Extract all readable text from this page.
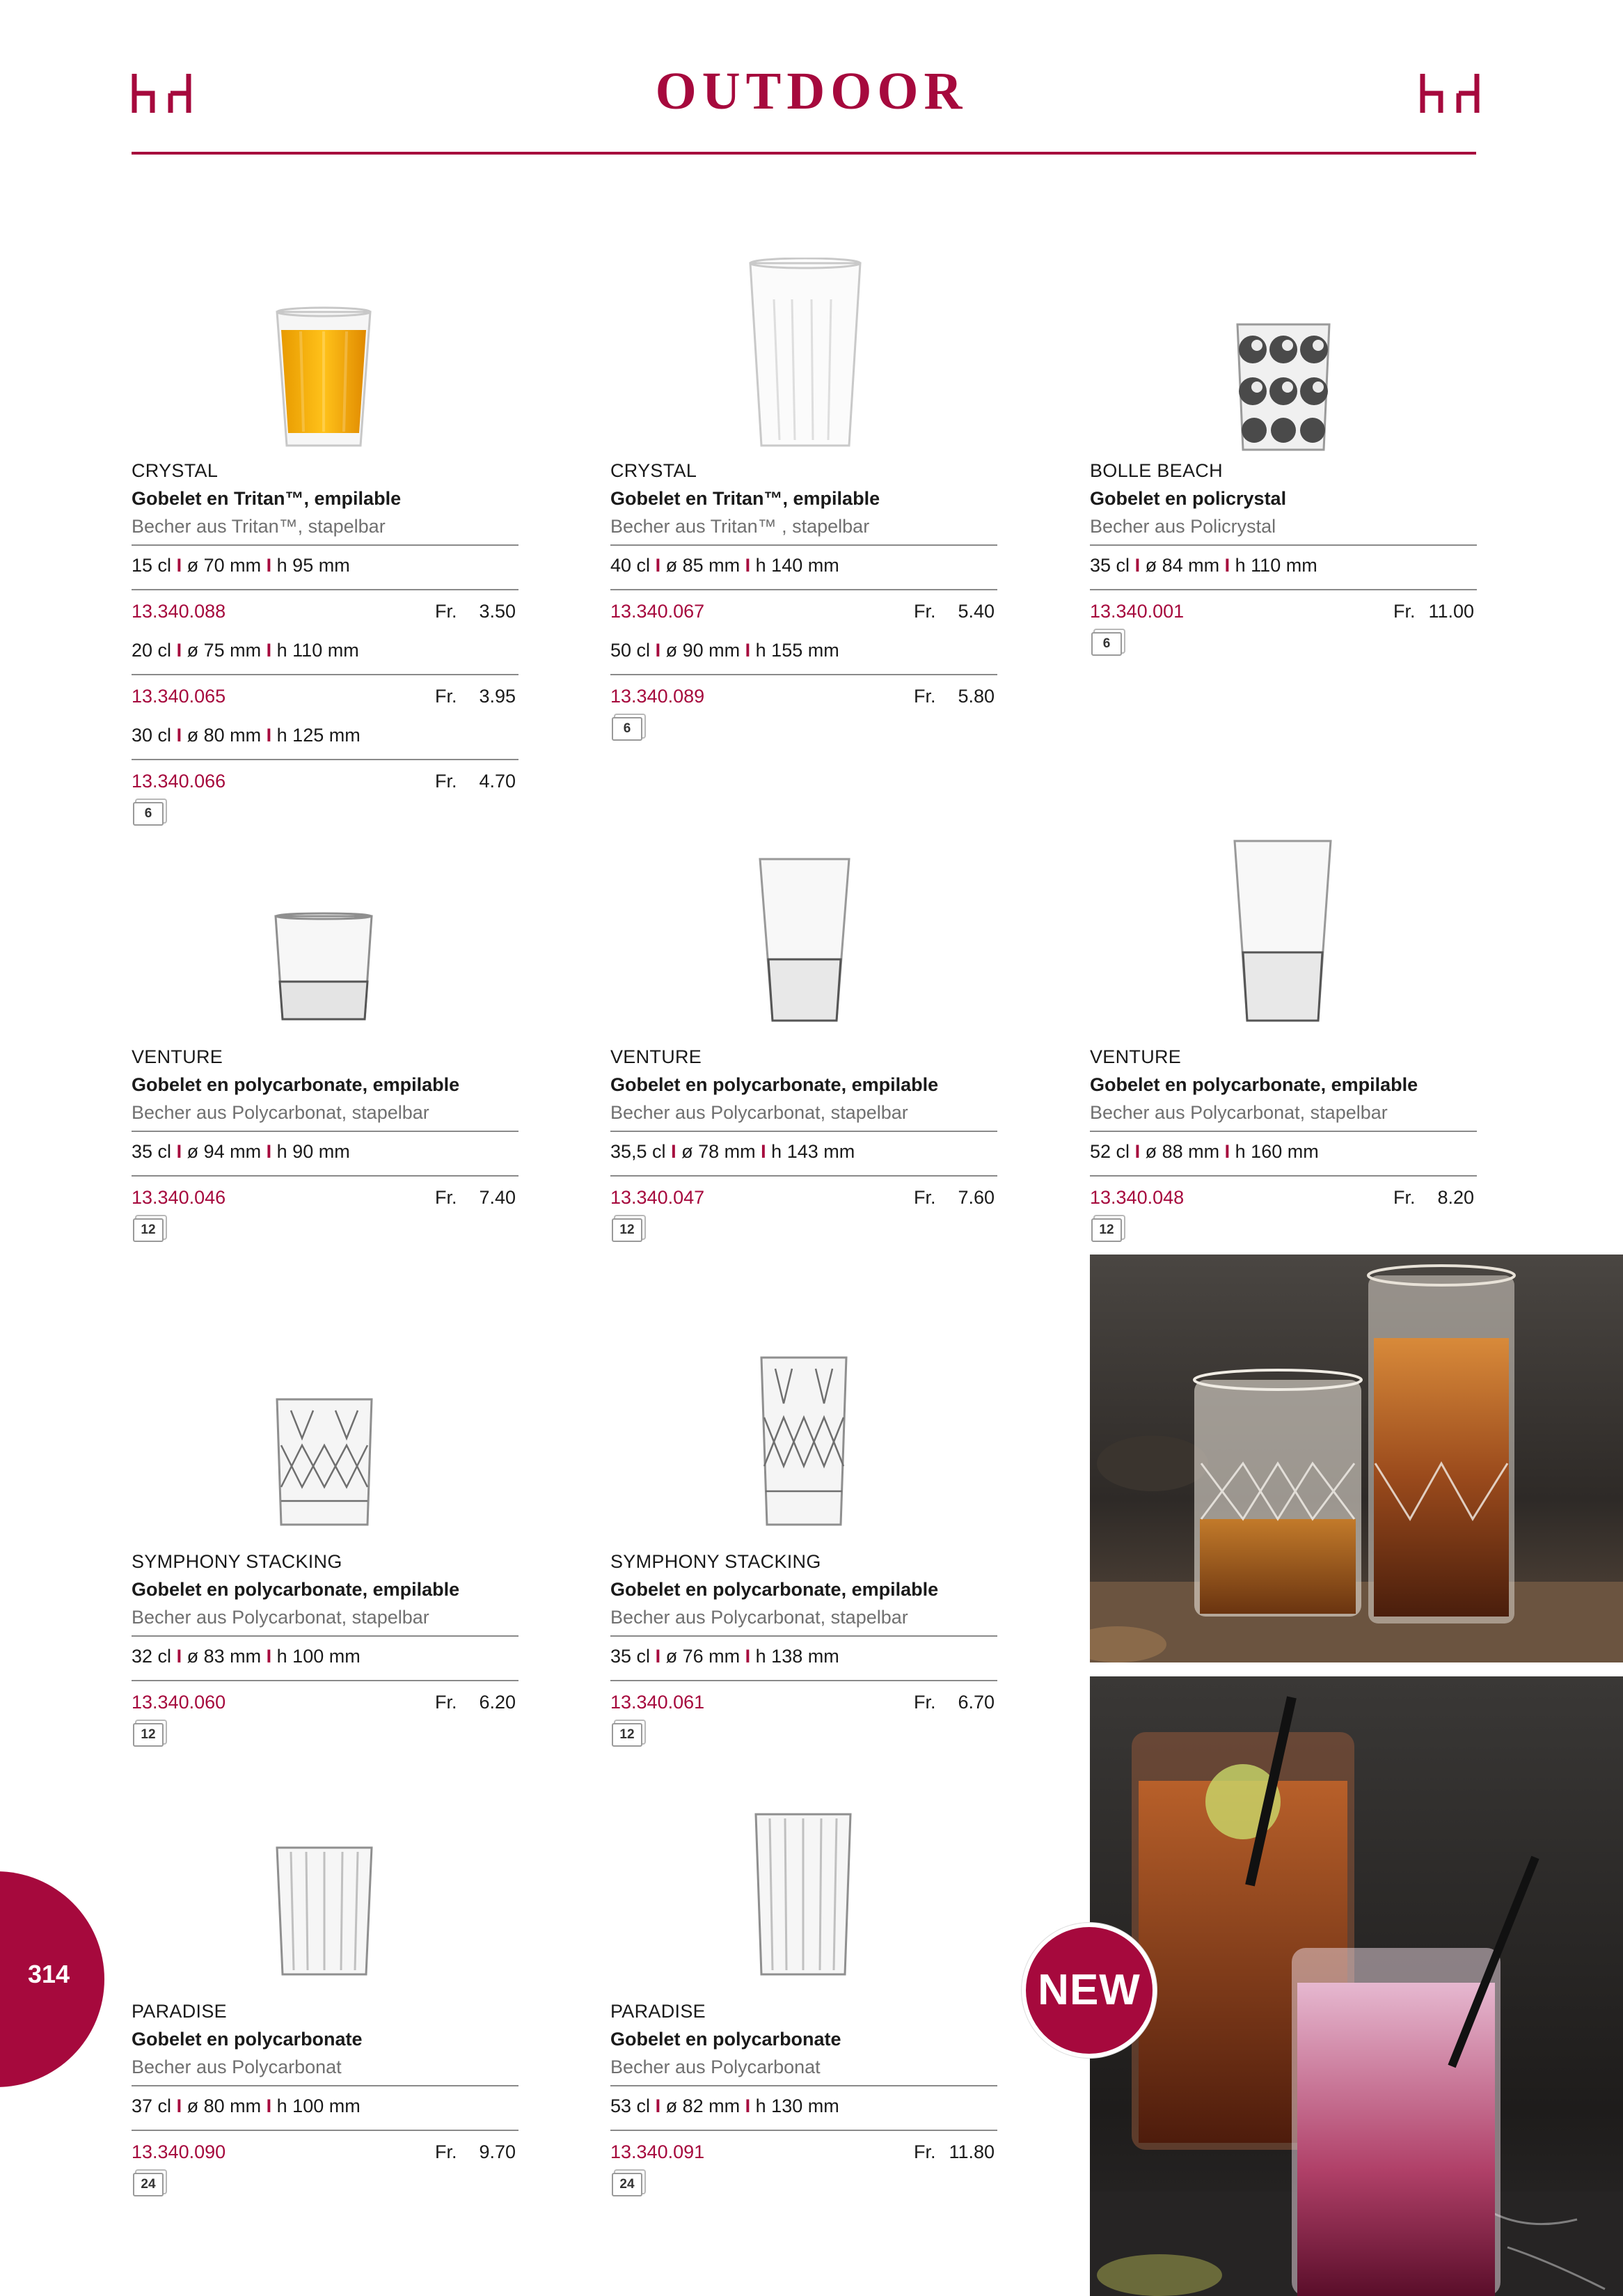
OUTDOOR
CRYSTAL
Gobelet en Tritan™, empilable
Becher aus Tritan™, stapelbar
15 cl I ø 70 mm I h 95 mm
13.340.088	Fr. 3.50
20 cl I ø 75 mm I h 110 mm
13.340.065	Fr. 3.95
30 cl I ø 80 mm I h 125 mm
13.340.066	Fr. 4.70
6
CRYSTAL
Gobelet en Tritan™, empilable
Becher aus Tritan™ , stapelbar
40 cl I ø 85 mm I h 140 mm
13.340.067	Fr. 5.40
50 cl I ø 90 mm I h 155 mm
13.340.089	Fr. 5.80
6
BOLLE BEACH
Gobelet en policrystal
Becher aus Policrystal
35 cl I ø 84 mm I h 110 mm
13.340.001	Fr. 11.00
6
VENTURE
Gobelet en polycarbonate, empilable
Becher aus Polycarbonat, stapelbar
35 cl I ø 94 mm I h 90 mm
13.340.046	Fr. 7.40
12
VENTURE
Gobelet en polycarbonate, empilable
Becher aus Polycarbonat, stapelbar
35,5 cl I ø 78 mm I h 143 mm
13.340.047	Fr. 7.60
12
VENTURE
Gobelet en polycarbonate, empilable
Becher aus Polycarbonat, stapelbar
52 cl I ø 88 mm I h 160 mm
13.340.048	Fr. 8.20
12
SYMPHONY STACKING
Gobelet en polycarbonate, empilable
Becher aus Polycarbonat, stapelbar
32 cl I ø 83 mm I h 100 mm
13.340.060	Fr. 6.20
12
SYMPHONY STACKING
Gobelet en polycarbonate, empilable
Becher aus Polycarbonat, stapelbar
35 cl I ø 76 mm I h 138 mm
13.340.061	Fr. 6.70
12
PARADISE
Gobelet en polycarbonate
Becher aus Polycarbonat
37 cl I ø 80 mm I h 100 mm
13.340.090	Fr. 9.70
24
PARADISE
Gobelet en polycarbonate
Becher aus Polycarbonat
53 cl I ø 82 mm I h 130 mm
13.340.091	Fr. 11.80
24
314	NEW
